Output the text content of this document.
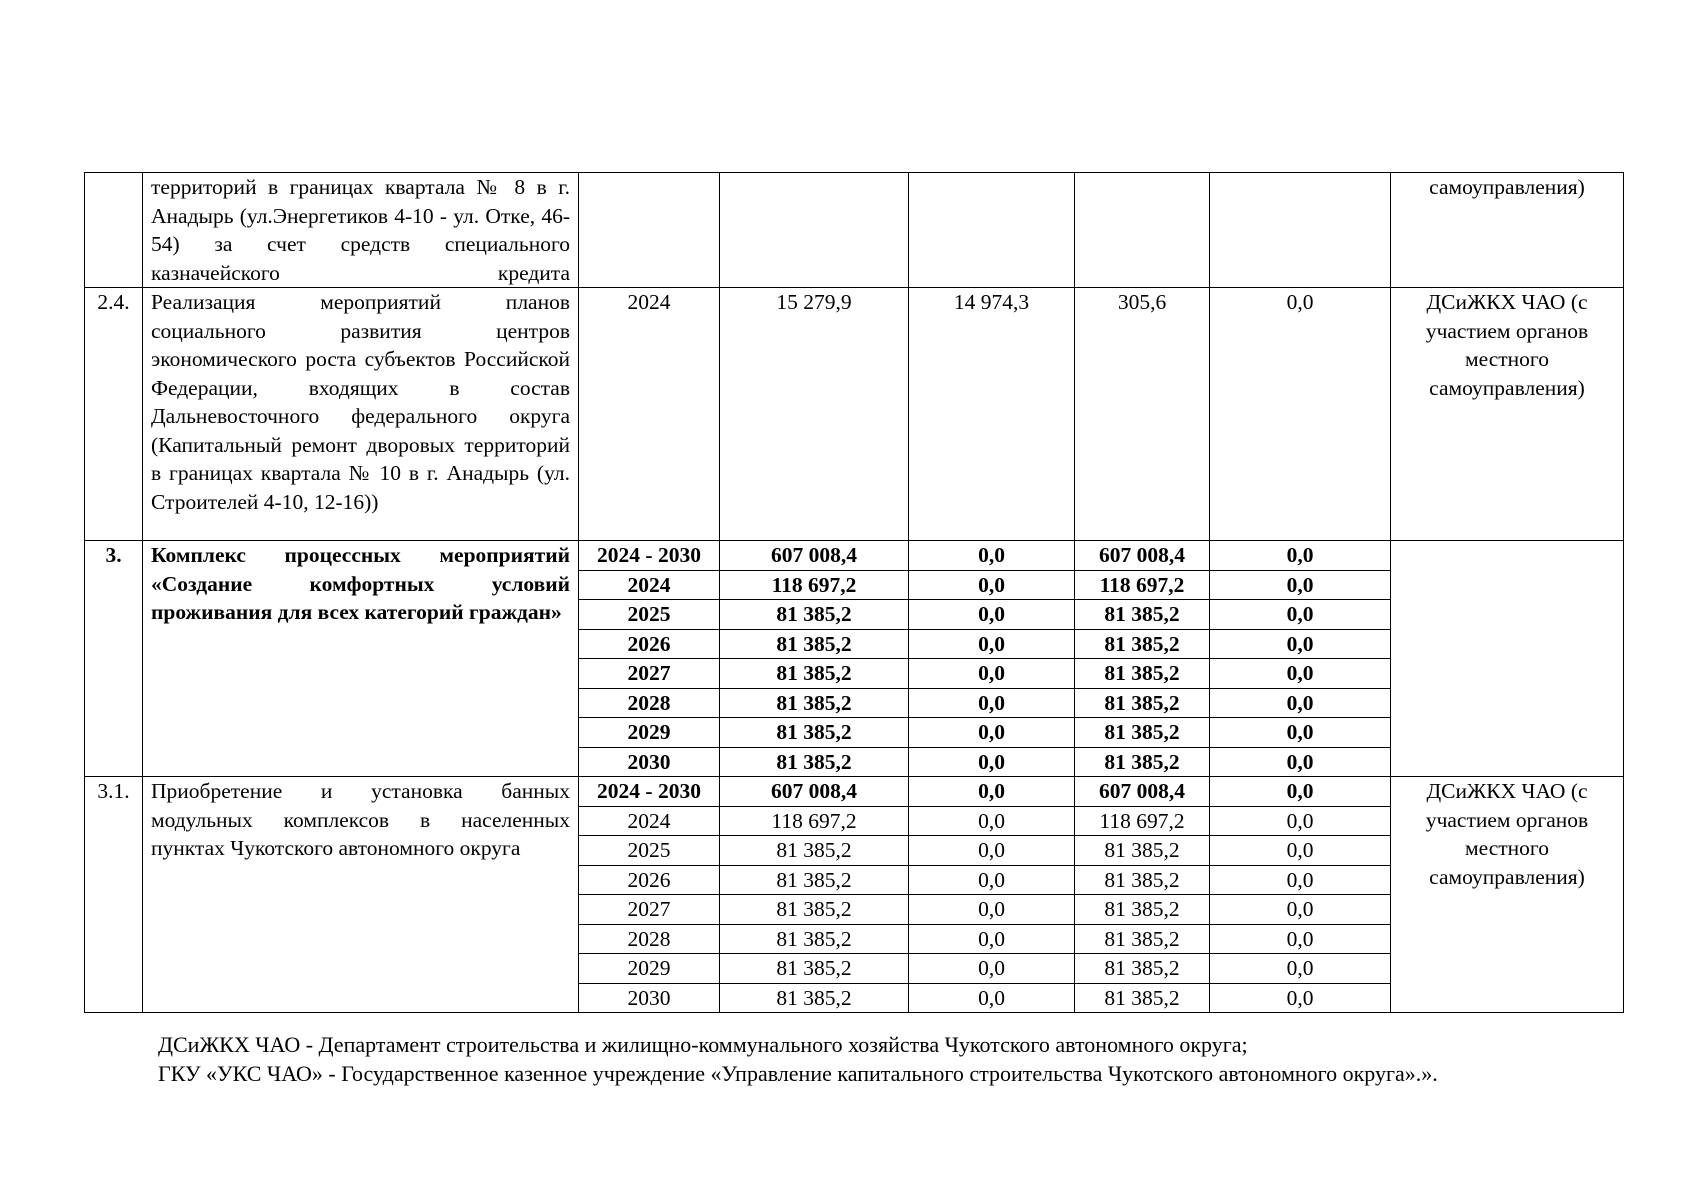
	территорий в границах квартала № 8 в г. Анадырь (ул.Энергетиков 4-10 - ул. Отке, 46-54) за счет средств специального казначейского кредита						самоуправления)
2.4.	Реализация мероприятий планов социального развития центров экономического роста субъектов Российской Федерации, входящих в состав Дальневосточного федерального округа (Капитальный ремонт дворовых территорий в границах квартала № 10 в г. Анадырь (ул. Строителей 4-10, 12-16))	2024	15 279,9	14 974,3	305,6	0,0	ДСиЖКХ ЧАО (с участием органов местного самоуправления)
3.	Комплекс процессных мероприятий «Создание комфортных условий проживания для всех категорий граждан»	2024 - 2030	607 008,4	0,0	607 008,4	0,0	
		2024	118 697,2	0,0	118 697,2	0,0	
		2025	81 385,2	0,0	81 385,2	0,0	
		2026	81 385,2	0,0	81 385,2	0,0	
		2027	81 385,2	0,0	81 385,2	0,0	
		2028	81 385,2	0,0	81 385,2	0,0	
		2029	81 385,2	0,0	81 385,2	0,0	
		2030	81 385,2	0,0	81 385,2	0,0	
3.1.	Приобретение и установка банных модульных комплексов в населенных пунктах Чукотского автономного округа	2024 - 2030	607 008,4	0,0	607 008,4	0,0	ДСиЖКХ ЧАО (с участием органов местного самоуправления)
		2024	118 697,2	0,0	118 697,2	0,0	
		2025	81 385,2	0,0	81 385,2	0,0	
		2026	81 385,2	0,0	81 385,2	0,0	
		2027	81 385,2	0,0	81 385,2	0,0	
		2028	81 385,2	0,0	81 385,2	0,0	
		2029	81 385,2	0,0	81 385,2	0,0	
		2030	81 385,2	0,0	81 385,2	0,0	

ДСиЖКХ ЧАО - Департамент строительства и жилищно-коммунального хозяйства Чукотского автономного округа;

ГКУ «УКС ЧАО» - Государственное казенное учреждение «Управление капитального строительства Чукотского автономного округа».».
